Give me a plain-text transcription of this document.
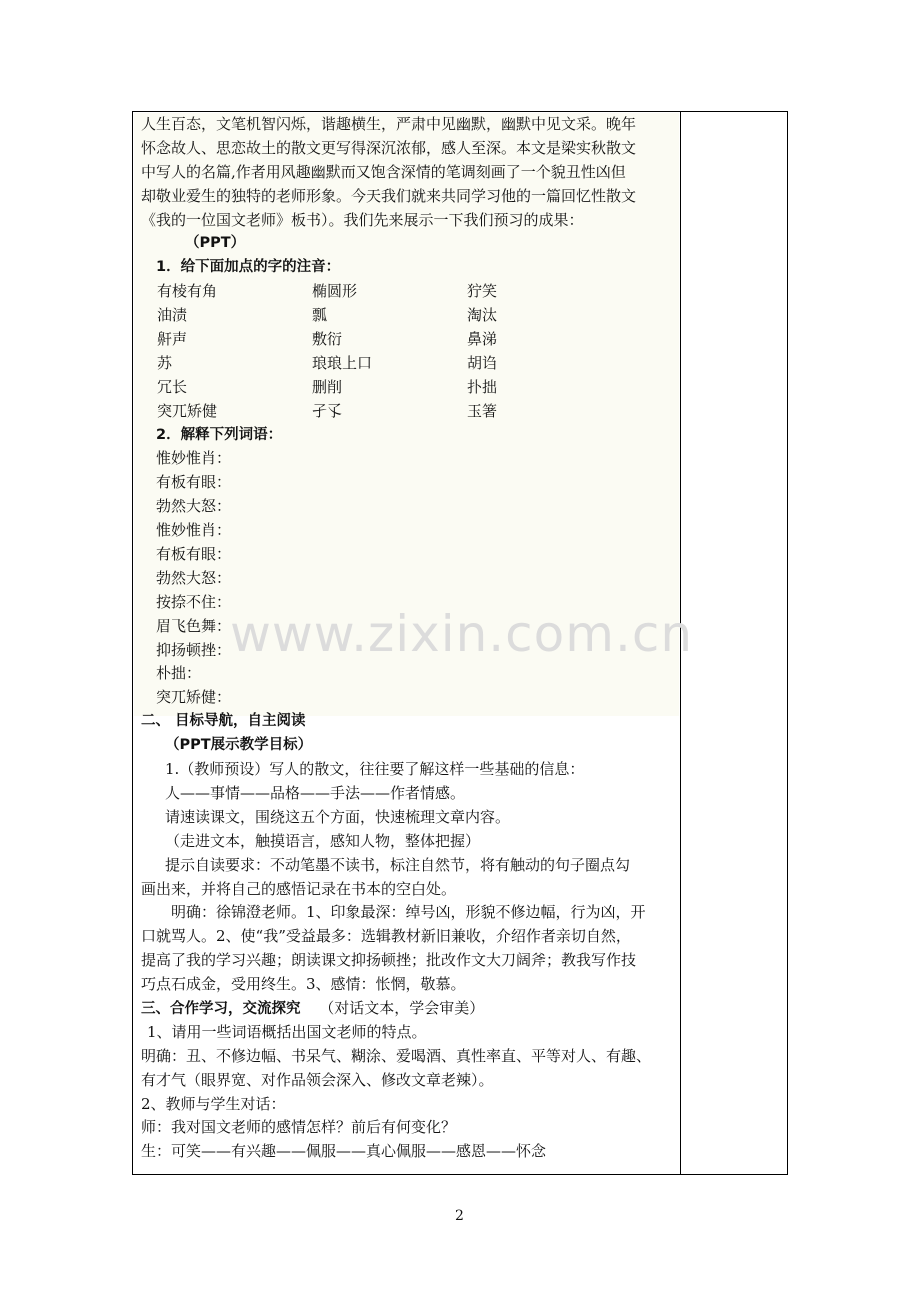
人生百态，文笔机智闪烁，谐趣横生，严肃中见幽默，幽默中见文采。晚年
怀念故人、思恋故土的散文更写得深沉浓郁，感人至深。本文是梁实秋散文
中写人的名篇,作者用风趣幽默而又饱含深情的笔调刻画了一个貌丑性凶但
却敬业爱生的独特的老师形象。今天我们就来共同学习他的一篇回忆性散文
《我的一位国文老师》板书）。我们先来展示一下我们预习的成果：
（PPT）
1．给下面加点的字的注音：
有棱有角	椭圆形	狞笑
油渍	瓢	淘汰
鼾声	敷衍	鼻涕
苏	琅琅上口	胡诌
冗长	删削	扑拙
突兀矫健	孑孓	玉箸
2．解释下列词语：
惟妙惟肖：
有板有眼：
勃然大怒：
惟妙惟肖：
有板有眼：
勃然大怒：
按捺不住：
眉飞色舞：
抑扬顿挫：
朴拙：
突兀矫健：
二、 目标导航，自主阅读
（PPT展示教学目标）
1.（教师预设）写人的散文，往往要了解这样一些基础的信息：
人——事情——品格——手法——作者情感。
请速读课文，围绕这五个方面，快速梳理文章内容。
（走进文本，触摸语言，感知人物，整体把握）
提示自读要求：不动笔墨不读书，标注自然节，将有触动的句子圈点勾
画出来，并将自己的感悟记录在书本的空白处。
明确：徐锦澄老师。1、印象最深：绰号凶，形貌不修边幅，行为凶，开
口就骂人。2、使“我”受益最多：选辑教材新旧兼收，介绍作者亲切自然，
提高了我的学习兴趣；朗读课文抑扬顿挫；批改作文大刀阔斧；教我写作技
巧点石成金，受用终生。3、感情：怅惘，敬慕。
三、合作学习，交流探究 （对话文本，学会审美）
1、请用一些词语概括出国文老师的特点。
明确：丑、不修边幅、书呆气、糊涂、爱喝酒、真性率直、平等对人、有趣、
有才气（眼界宽、对作品领会深入、修改文章老辣）。
2、教师与学生对话：
师：我对国文老师的感情怎样？前后有何变化？
生：可笑——有兴趣——佩服——真心佩服——感恩——怀念
www.zixin.com.cn
2
